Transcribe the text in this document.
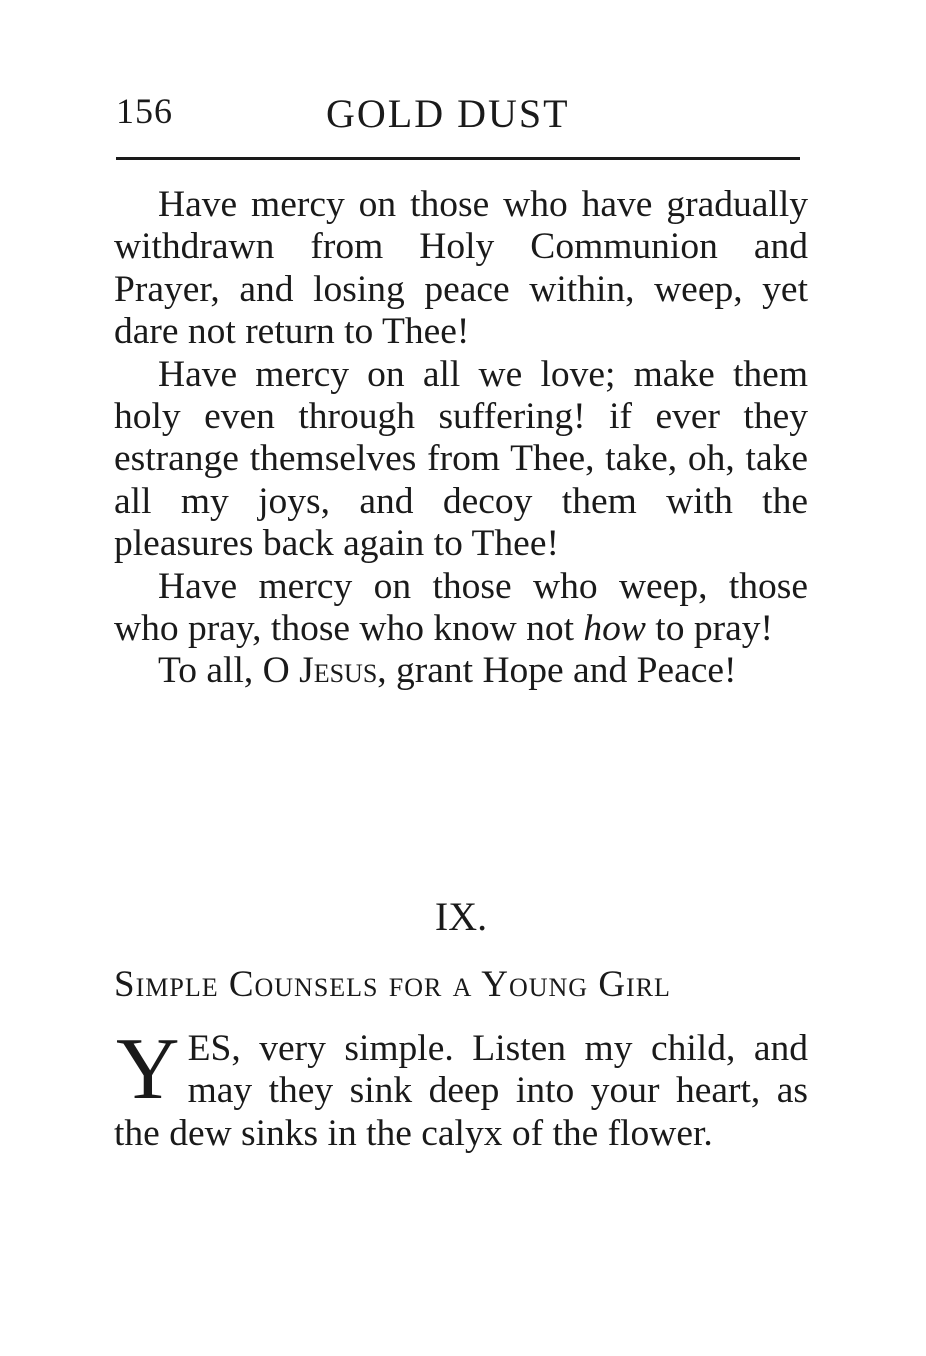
156	GOLD DUST

Have mercy on those who have gradually withdrawn from Holy Communion and Prayer, and losing peace within, weep, yet dare not return to Thee!

Have mercy on all we love; make them holy even through suffering! if ever they estrange themselves from Thee, take, oh, take all my joys, and decoy them with the pleasures back again to Thee!

Have mercy on those who weep, those who pray, those who know not how to pray!

To all, O Jesus, grant Hope and Peace!

IX.
Simple Counsels for a Young Girl
Y ES, very simple. Listen my child, and may they sink deep into your heart, as the dew sinks in the calyx of the flower.
